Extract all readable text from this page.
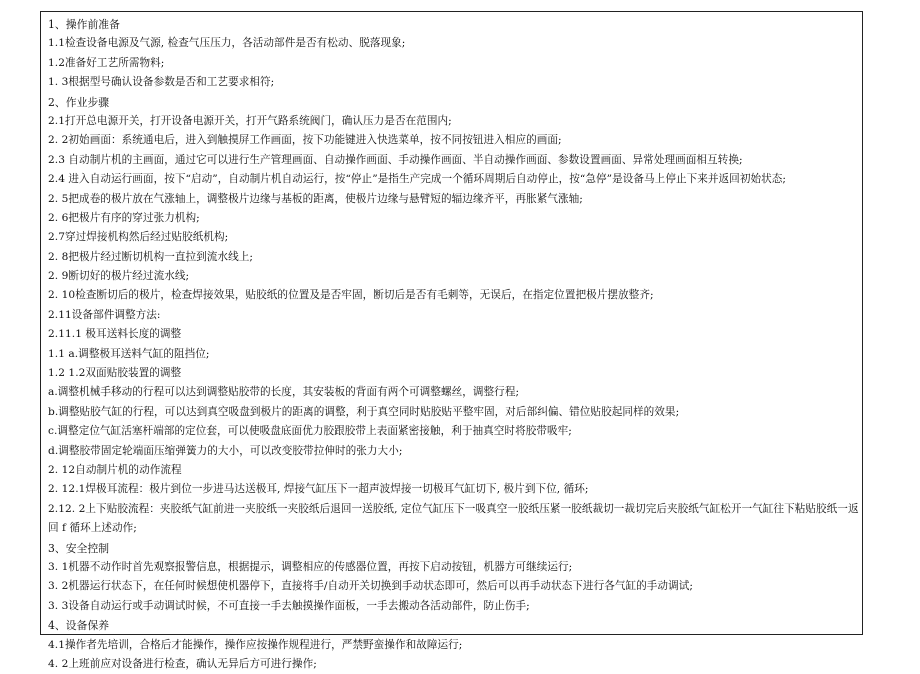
1、操作前准备
1.1检查设备电源及气源, 检查气压压力，各活动部件是否有松动、脱落现象;
1.2准备好工艺所需物料;
1. 3根据型号确认设备参数是否和工艺要求相符;
2、作业步骤
2.1打开总电源开关，打开设备电源开关，打开气路系统阀门，确认压力是否在范围内;
2. 2初始画面：系统通电后，进入到触摸屏工作画面，按下功能键进入快选菜单，按不同按钮进入相应的画面;
2.3 自动制片机的主画面，通过它可以进行生产管理画面、自动操作画面、手动操作画面、半自动操作画面、参数设置画面、异常处理画面相互转换;
2.4 进入自动运行画面，按下“启动”，自动制片机自动运行，按“停止”是指生产完成一个循环周期后自动停止，按“急停”是设备马上停止下来并返回初始状态;
2. 5把成卷的极片放在气涨轴上，调整极片边缘与基板的距离，使极片边缘与悬臂短的辐边缘齐平，再胀紧气涨轴;
2. 6把极片有序的穿过张力机构;
2.7穿过焊接机构然后经过贴胶纸机构;
2. 8把极片经过断切机构一直拉到流水线上;
2. 9断切好的极片经过流水线;
2. 10检查断切后的极片，检查焊接效果，贴胶纸的位置及是否牢固，断切后是否有毛刺等，无误后，在指定位置把极片摆放整齐;
2.11设备部件调整方法:
2.11.1 极耳送料长度的调整
1.1 a.调整极耳送料气缸的阻挡位;
1.2 1.2双面贴胶装置的调整
a.调整机械手移动的行程可以达到调整贴胶带的长度，其安装板的背面有两个可调整螺丝，调整行程;
b.调整贴胶气缸的行程，可以达到真空吸盘到极片的距离的调整，利于真空同时贴胶贴平整牢固，对后部纠偏、错位贴胶起同样的效果;
c.调整定位气缸活塞杆端部的定位套，可以使吸盘底面优力胶跟胶带上表面紧密接触，利于抽真空时将胶带吸牢;
d.调整胶带固定轮端面压缩弹簧力的大小，可以改变胶带拉伸时的张力大小;
2. 12自动制片机的动作流程
2. 12.1焊极耳流程：极片到位一步进马达送极耳, 焊接气缸压下一超声波焊接一切极耳气缸切下, 极片到下位, 循环;
2.12. 2上下贴胶流程：夹胶纸气缸前进一夹胶纸一夹胶纸后退回一送胶纸, 定位气缸压下一吸真空一胶纸压紧一胶纸裁切一裁切完后夹胶纸气缸松开一气缸往下粘贴胶纸一返回 f 循环上述动作;
3、安全控制
3. 1机器不动作时首先观察报警信息，根据提示，调整相应的传感器位置，再按下启动按钮，机器方可继续运行;
3. 2机器运行状态下，在任何时候想使机器停下，直接将手/自动开关切换到手动状态即可，然后可以再手动状态下进行各气缸的手动调试;
3. 3设备自动运行或手动调试时候，不可直接一手去触摸操作面板，一手去搬动各活动部件，防止伤手;
4、设备保养
4.1操作者先培训，合格后才能操作，操作应按操作规程进行，严禁野蛮操作和故障运行;
4. 2上班前应对设备进行检查，确认无异后方可进行操作;
